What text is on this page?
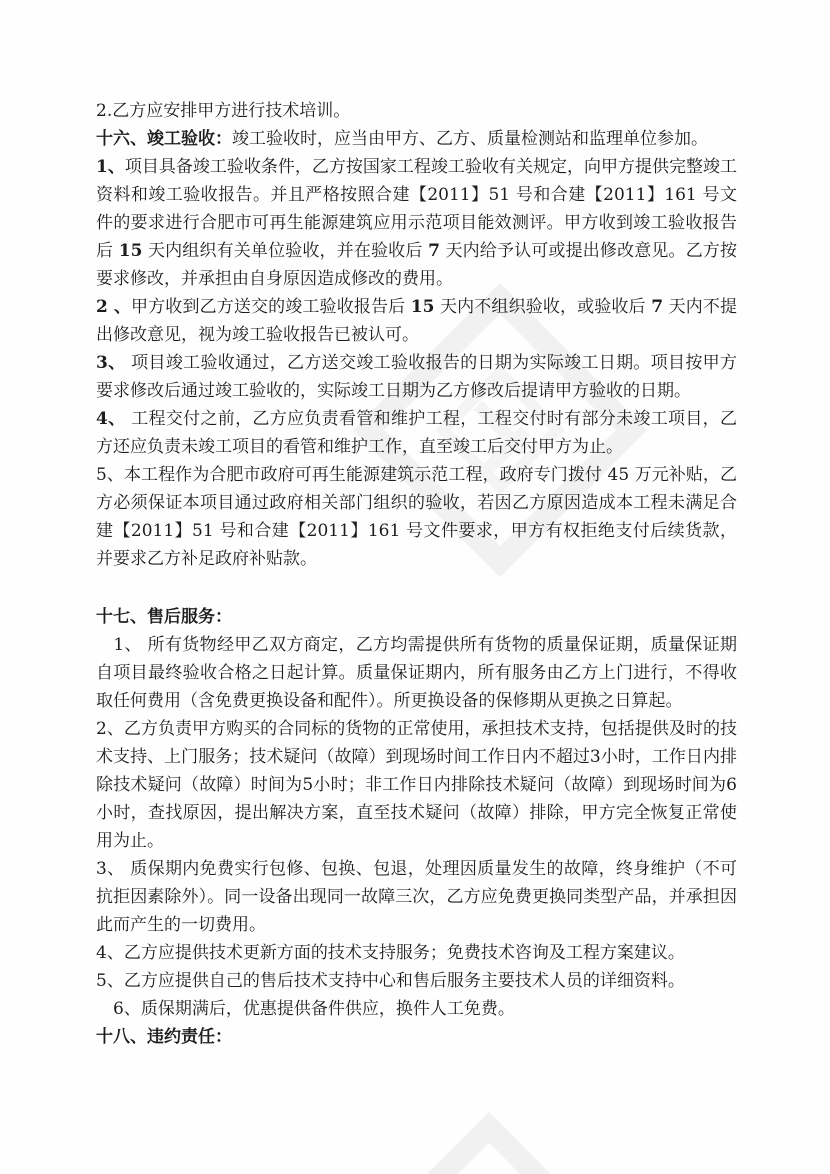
2.乙方应安排甲方进行技术培训。

十六、竣工验收：竣工验收时，应当由甲方、乙方、质量检测站和监理单位参加。

1、项目具备竣工验收条件，乙方按国家工程竣工验收有关规定，向甲方提供完整竣工资料和竣工验收报告。并且严格按照合建【2011】51 号和合建【2011】161 号文件的要求进行合肥市可再生能源建筑应用示范项目能效测评。甲方收到竣工验收报告后 15 天内组织有关单位验收，并在验收后 7 天内给予认可或提出修改意见。乙方按要求修改，并承担由自身原因造成修改的费用。

2 、甲方收到乙方送交的竣工验收报告后 15 天内不组织验收，或验收后 7 天内不提出修改意见，视为竣工验收报告已被认可。

3、 项目竣工验收通过，乙方送交竣工验收报告的日期为实际竣工日期。项目按甲方要求修改后通过竣工验收的，实际竣工日期为乙方修改后提请甲方验收的日期。

4、 工程交付之前，乙方应负责看管和维护工程，工程交付时有部分未竣工项目，乙方还应负责未竣工项目的看管和维护工作，直至竣工后交付甲方为止。

5、本工程作为合肥市政府可再生能源建筑示范工程，政府专门拨付 45 万元补贴，乙方必须保证本项目通过政府相关部门组织的验收，若因乙方原因造成本工程未满足合建【2011】51 号和合建【2011】161 号文件要求，甲方有权拒绝支付后续货款，并要求乙方补足政府补贴款。

十七、售后服务：

　1、 所有货物经甲乙双方商定，乙方均需提供所有货物的质量保证期，质量保证期自项目最终验收合格之日起计算。质量保证期内，所有服务由乙方上门进行，不得收取任何费用（含免费更换设备和配件）。所更换设备的保修期从更换之日算起。

2、乙方负责甲方购买的合同标的货物的正常使用，承担技术支持，包括提供及时的技术支持、上门服务；技术疑问（故障）到现场时间工作日内不超过3小时，工作日内排除技术疑问（故障）时间为5小时；非工作日内排除技术疑问（故障）到现场时间为6小时，查找原因，提出解决方案，直至技术疑问（故障）排除，甲方完全恢复正常使用为止。

3、 质保期内免费实行包修、包换、包退，处理因质量发生的故障，终身维护（不可抗拒因素除外）。同一设备出现同一故障三次，乙方应免费更换同类型产品，并承担因此而产生的一切费用。

4、乙方应提供技术更新方面的技术支持服务；免费技术咨询及工程方案建议。

5、乙方应提供自己的售后技术支持中心和售后服务主要技术人员的详细资料。

　6、质保期满后，优惠提供备件供应，换件人工免费。

十八、违约责任：
